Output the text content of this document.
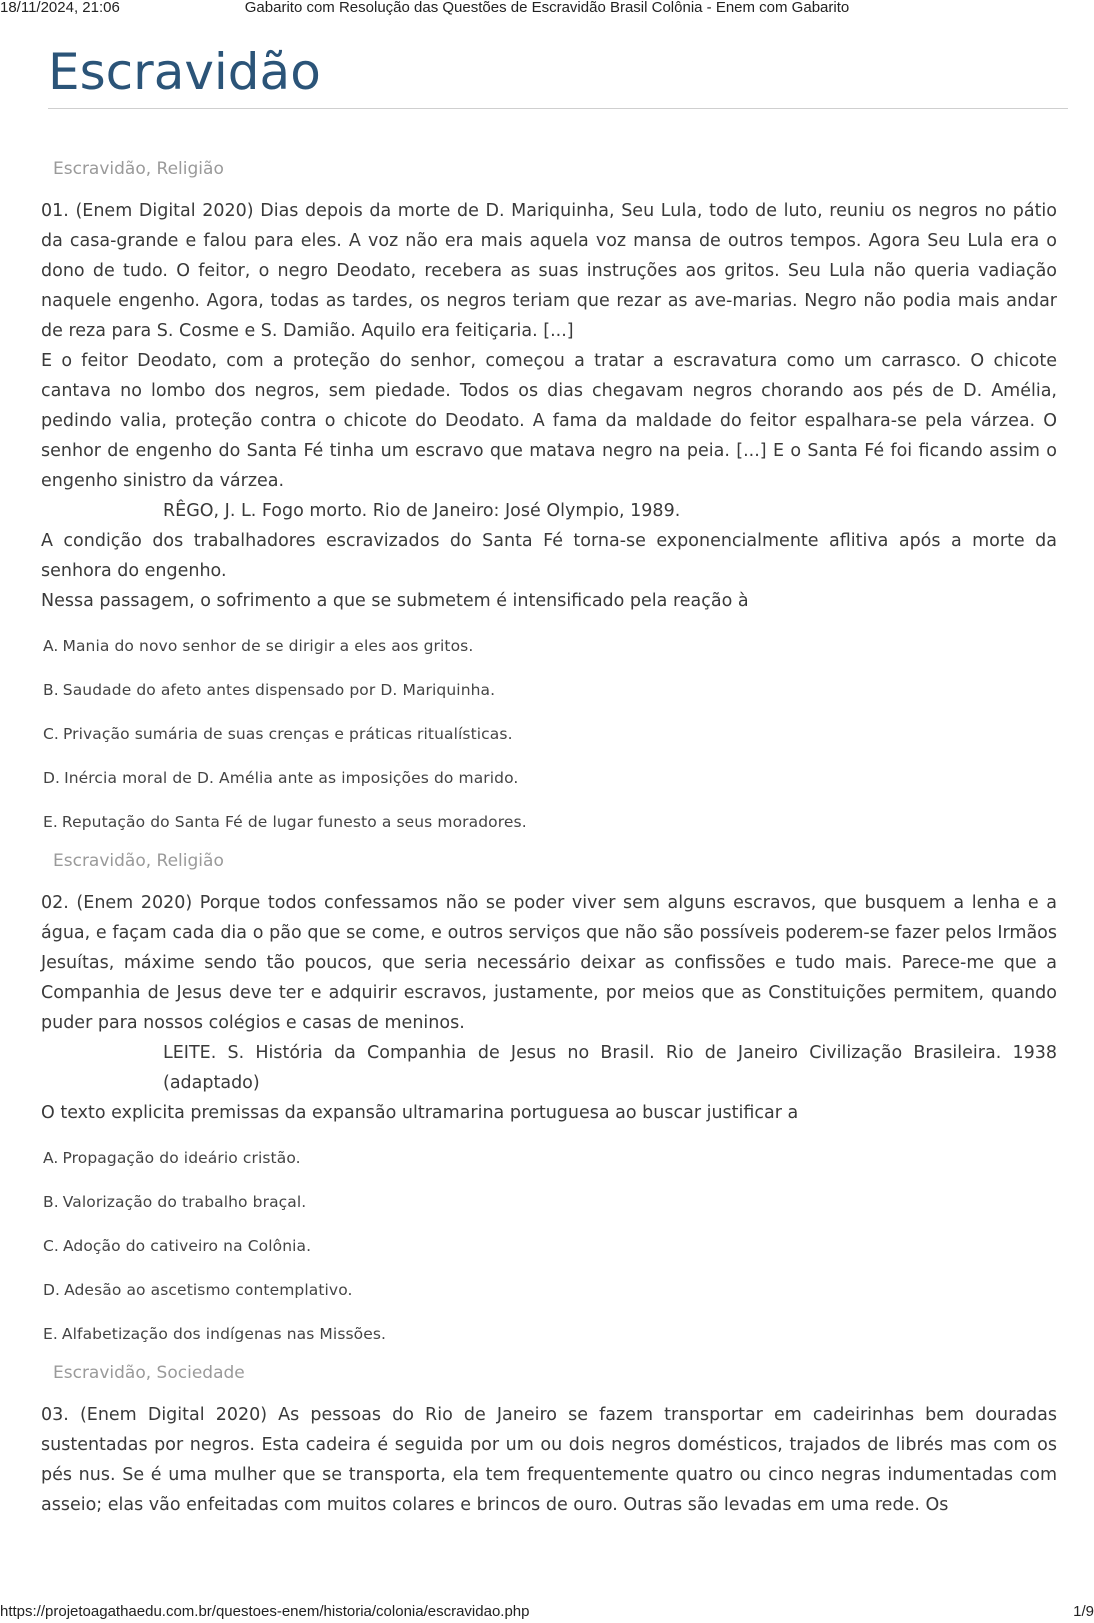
18/11/2024, 21:06	Gabarito com Resolução das Questões de Escravidão Brasil Colônia - Enem com Gabarito
Escravidão
Escravidão, Religião

01. (Enem Digital 2020) Dias depois da morte de D. Mariquinha, Seu Lula, todo de luto, reuniu os negros no pátio da casa-grande e falou para eles. A voz não era mais aquela voz mansa de outros tempos. Agora Seu Lula era o dono de tudo. O feitor, o negro Deodato, recebera as suas instruções aos gritos. Seu Lula não queria vadiação naquele engenho. Agora, todas as tardes, os negros teriam que rezar as ave-marias. Negro não podia mais andar de reza para S. Cosme e S. Damião. Aquilo era feitiçaria. [...]

E o feitor Deodato, com a proteção do senhor, começou a tratar a escravatura como um carrasco. O chicote cantava no lombo dos negros, sem piedade. Todos os dias chegavam negros chorando aos pés de D. Amélia, pedindo valia, proteção contra o chicote do Deodato. A fama da maldade do feitor espalhara-se pela várzea. O senhor de engenho do Santa Fé tinha um escravo que matava negro na peia. [...] E o Santa Fé foi ficando assim o engenho sinistro da várzea.

RÊGO, J. L. Fogo morto. Rio de Janeiro: José Olympio, 1989.

A condição dos trabalhadores escravizados do Santa Fé torna-se exponencialmente aflitiva após a morte da senhora do engenho.

Nessa passagem, o sofrimento a que se submetem é intensificado pela reação à

A. Mania do novo senhor de se dirigir a eles aos gritos.
B. Saudade do afeto antes dispensado por D. Mariquinha.
C. Privação sumária de suas crenças e práticas ritualísticas.
D. Inércia moral de D. Amélia ante as imposições do marido.
E. Reputação do Santa Fé de lugar funesto a seus moradores.
Escravidão, Religião

02. (Enem 2020) Porque todos confessamos não se poder viver sem alguns escravos, que busquem a lenha e a água, e façam cada dia o pão que se come, e outros serviços que não são possíveis poderem-se fazer pelos Irmãos Jesuítas, máxime sendo tão poucos, que seria necessário deixar as confissões e tudo mais. Parece-me que a Companhia de Jesus deve ter e adquirir escravos, justamente, por meios que as Constituições permitem, quando puder para nossos colégios e casas de meninos.

LEITE. S. História da Companhia de Jesus no Brasil. Rio de Janeiro Civilização Brasileira. 1938 (adaptado)

O texto explicita premissas da expansão ultramarina portuguesa ao buscar justificar a

A. Propagação do ideário cristão.
B. Valorização do trabalho braçal.
C. Adoção do cativeiro na Colônia.
D. Adesão ao ascetismo contemplativo.
E. Alfabetização dos indígenas nas Missões.
Escravidão, Sociedade

03. (Enem Digital 2020) As pessoas do Rio de Janeiro se fazem transportar em cadeirinhas bem douradas sustentadas por negros. Esta cadeira é seguida por um ou dois negros domésticos, trajados de librés mas com os pés nus. Se é uma mulher que se transporta, ela tem frequentemente quatro ou cinco negras indumentadas com asseio; elas vão enfeitadas com muitos colares e brincos de ouro. Outras são levadas em uma rede. Os

https://projetoagathaedu.com.br/questoes-enem/historia/colonia/escravidao.php	1/9
